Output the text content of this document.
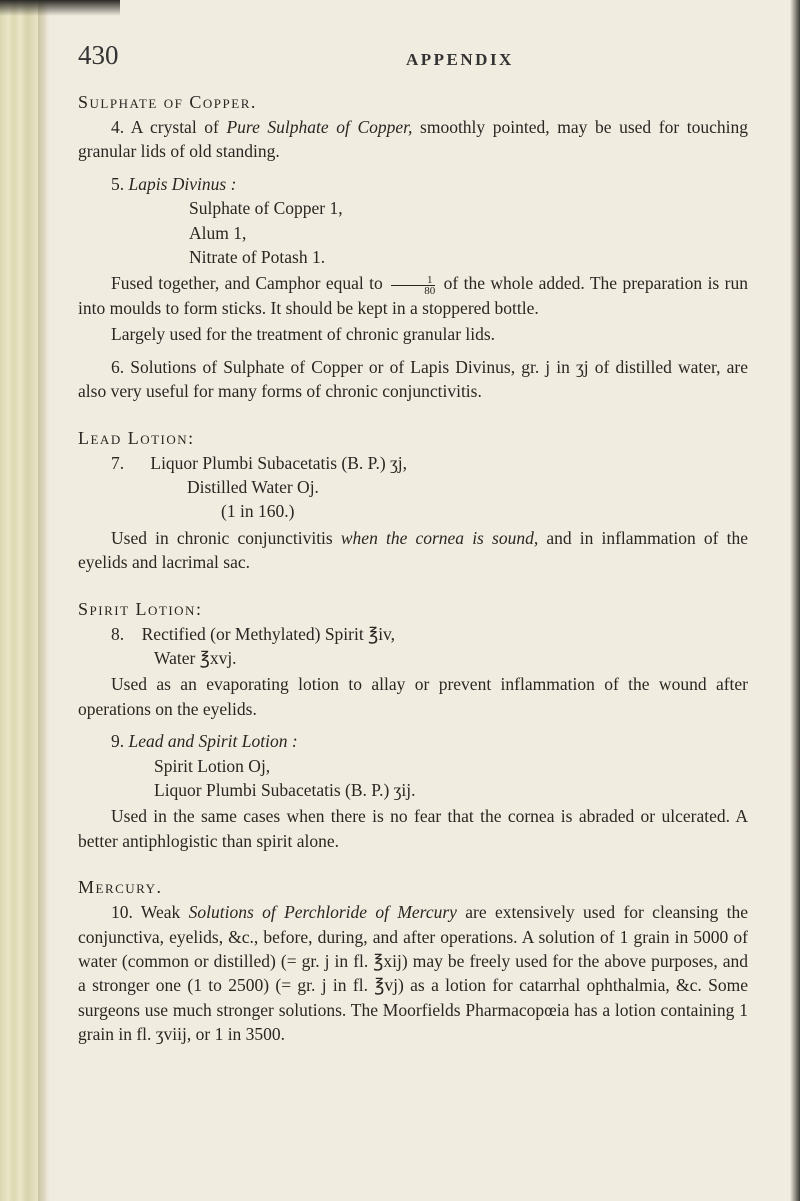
430	APPENDIX
Sulphate of Copper.

4. A crystal of Pure Sulphate of Copper, smoothly pointed, may be used for touching granular lids of old standing.

5. Lapis Divinus :

Sulphate of Copper 1,

Alum 1,

Nitrate of Potash 1.

Fused together, and Camphor equal to $\frac{1}{80}$ of the whole added. The preparation is run into moulds to form sticks. It should be kept in a stoppered bottle.

Largely used for the treatment of chronic granular lids.

6. Solutions of Sulphate of Copper or of Lapis Divinus, gr. j in ʒj of distilled water, are also very useful for many forms of chronic conjunctivitis.

Lead Lotion:

7. Liquor Plumbi Subacetatis (B. P.) ʒj,

Distilled Water Oj.

(1 in 160.)

Used in chronic conjunctivitis when the cornea is sound, and in inflammation of the eyelids and lacrimal sac.

Spirit Lotion:

8. Rectified (or Methylated) Spirit ℥iv,

Water ℥xvj.

Used as an evaporating lotion to allay or prevent inflammation of the wound after operations on the eyelids.

9. Lead and Spirit Lotion :

Spirit Lotion Oj,

Liquor Plumbi Subacetatis (B. P.) ʒij.

Used in the same cases when there is no fear that the cornea is abraded or ulcerated. A better antiphlogistic than spirit alone.

Mercury.

10. Weak Solutions of Perchloride of Mercury are extensively used for cleansing the conjunctiva, eyelids, &c., before, during, and after operations. A solution of 1 grain in 5000 of water (common or distilled) (= gr. j in fl. ℥xij) may be freely used for the above purposes, and a stronger one (1 to 2500) (= gr. j in fl. ℥vj) as a lotion for catarrhal ophthalmia, &c. Some surgeons use much stronger solutions. The Moorfields Pharmacopœia has a lotion containing 1 grain in fl. ʒviij, or 1 in 3500.
